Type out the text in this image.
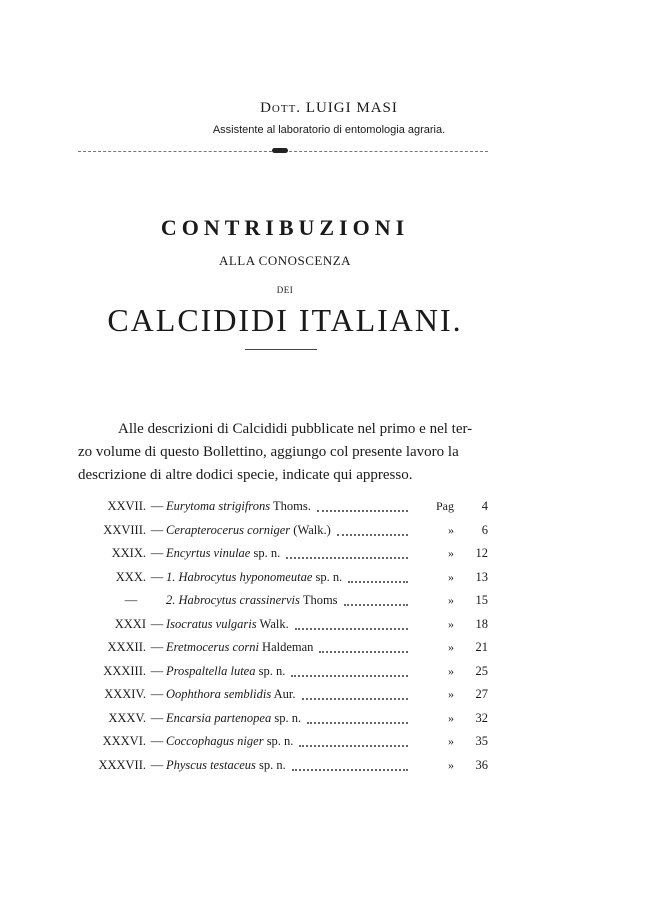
Dott. LUIGI MASI
Assistente al laboratorio di entomologia agraria.
CONTRIBUZIONI
ALLA CONOSCENZA
DEI
CALCIDIDI ITALIANI.

Alle descrizioni di Calcididi pubblicate nel primo e nel ter-

zo volume di questo Bollettino, aggiungo col presente lavoro la

descrizione di altre dodici specie, indicate qui appresso.

XXVII. — Eurytoma strigifrons Thoms.	Pag	4
XXVIII. — Cerapterocerus corniger (Walk.)	»	6
XXIX. — Encyrtus vinulae sp. n.	»	12
XXX. — 1. Habrocytus hyponomeutae sp. n.	»	13
— 2. Habrocytus crassinervis Thoms	»	15
XXXI — Isocratus vulgaris Walk.	»	18
XXXII. — Eretmocerus corni Haldeman	»	21
XXXIII. — Prospaltella lutea sp. n.	»	25
XXXIV. — Oophthora semblidis Aur.	»	27
XXXV. — Encarsia partenopea sp. n.	»	32
XXXVI. — Coccophagus niger sp. n.	»	35
XXXVII. — Physcus testaceus sp. n.	»	36
